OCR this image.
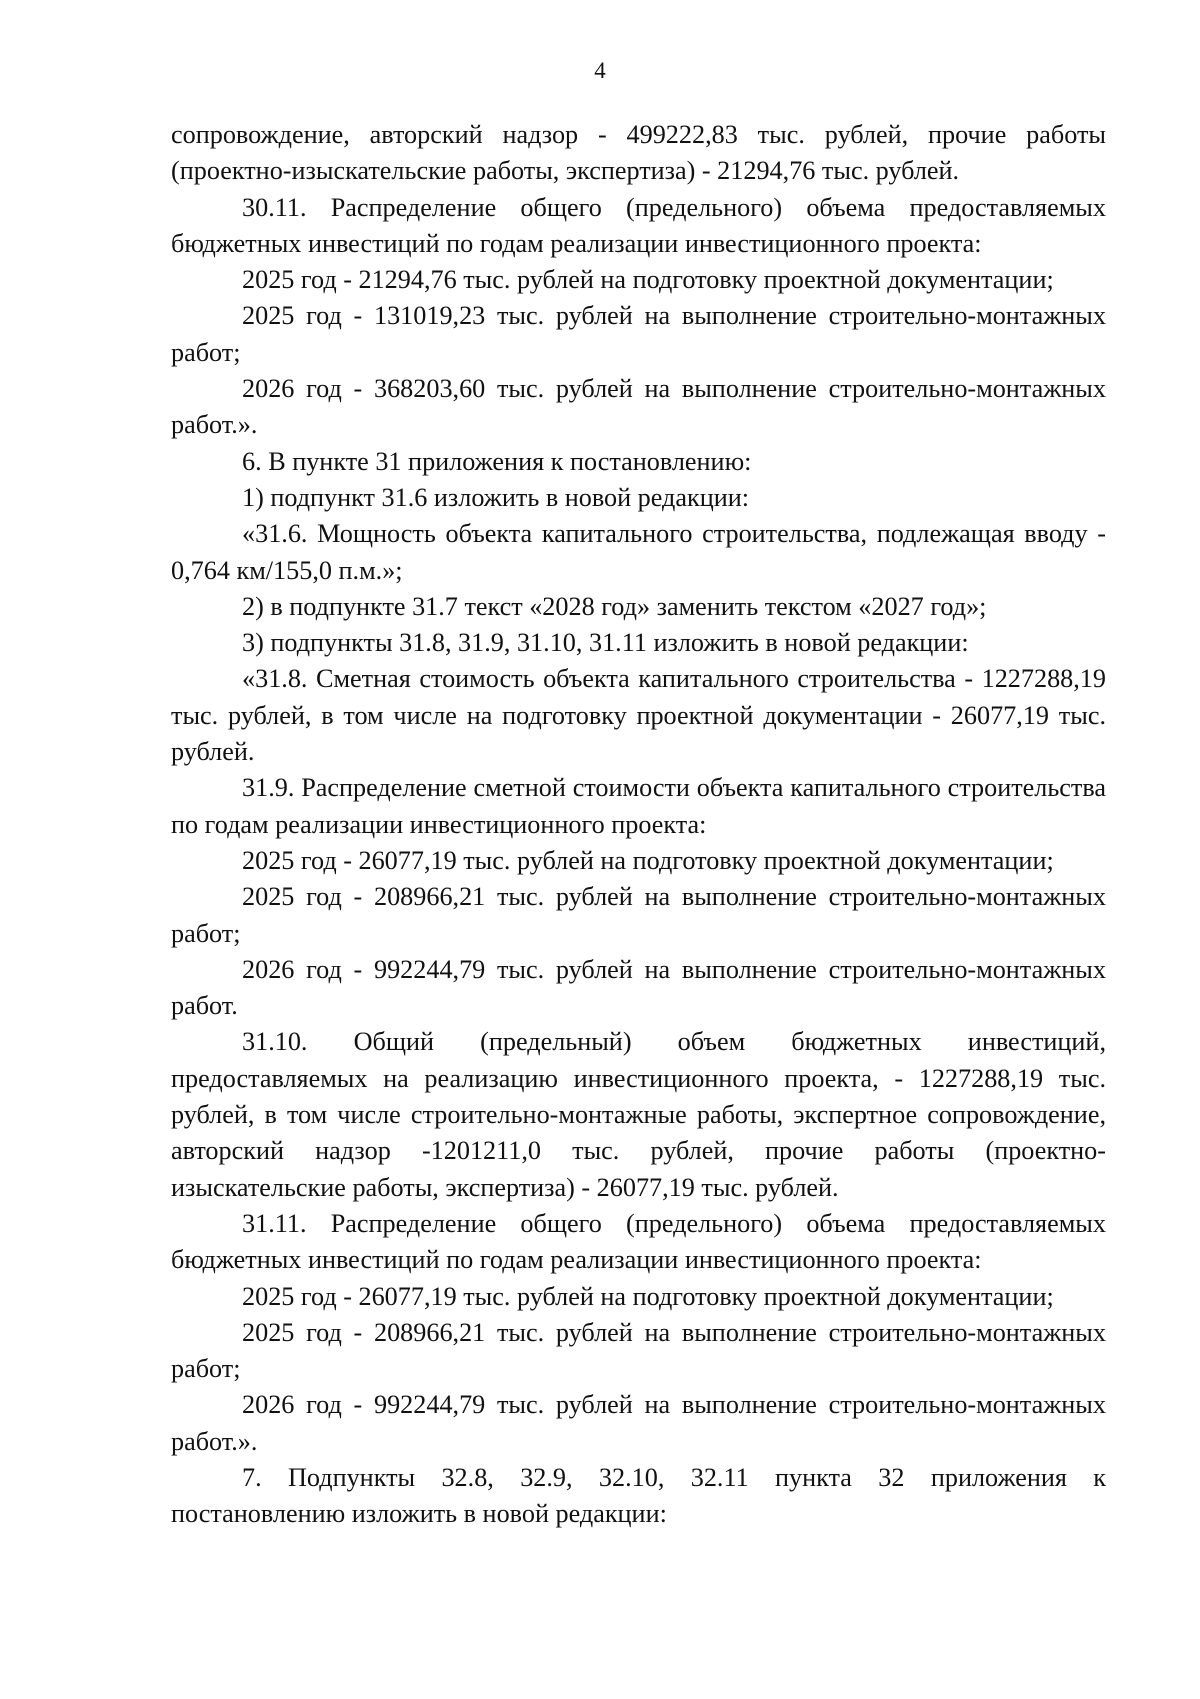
4

сопровождение, авторский надзор - 499222,83 тыс. рублей, прочие работы (проектно-изыскательские работы, экспертиза) - 21294,76 тыс. рублей.

30.11. Распределение общего (предельного) объема предоставляемых бюджетных инвестиций по годам реализации инвестиционного проекта:

2025 год - 21294,76 тыс. рублей на подготовку проектной документации;

2025 год - 131019,23 тыс. рублей на выполнение строительно-монтажных работ;

2026 год - 368203,60 тыс. рублей на выполнение строительно-монтажных работ.».

6. В пункте 31 приложения к постановлению:

1) подпункт 31.6 изложить в новой редакции:

«31.6. Мощность объекта капитального строительства, подлежащая вводу - 0,764 км/155,0 п.м.»;

2) в подпункте 31.7 текст «2028 год» заменить текстом «2027 год»;

3) подпункты 31.8, 31.9, 31.10, 31.11 изложить в новой редакции:

«31.8. Сметная стоимость объекта капитального строительства - 1227288,19 тыс. рублей, в том числе на подготовку проектной документации - 26077,19 тыс. рублей.

31.9. Распределение сметной стоимости объекта капитального строительства по годам реализации инвестиционного проекта:

2025 год - 26077,19 тыс. рублей на подготовку проектной документации;

2025 год - 208966,21 тыс. рублей на выполнение строительно-монтажных работ;

2026 год - 992244,79 тыс. рублей на выполнение строительно-монтажных работ.

31.10. Общий (предельный) объем бюджетных инвестиций, предоставляемых на реализацию инвестиционного проекта, - 1227288,19 тыс. рублей, в том числе строительно-монтажные работы, экспертное сопровождение, авторский надзор -1201211,0 тыс. рублей, прочие работы (проектно-изыскательские работы, экспертиза) - 26077,19 тыс. рублей.

31.11. Распределение общего (предельного) объема предоставляемых бюджетных инвестиций по годам реализации инвестиционного проекта:

2025 год - 26077,19 тыс. рублей на подготовку проектной документации;

2025 год - 208966,21 тыс. рублей на выполнение строительно-монтажных работ;

2026 год - 992244,79 тыс. рублей на выполнение строительно-монтажных работ.».

7. Подпункты 32.8, 32.9, 32.10, 32.11 пункта 32 приложения к постановлению изложить в новой редакции:
